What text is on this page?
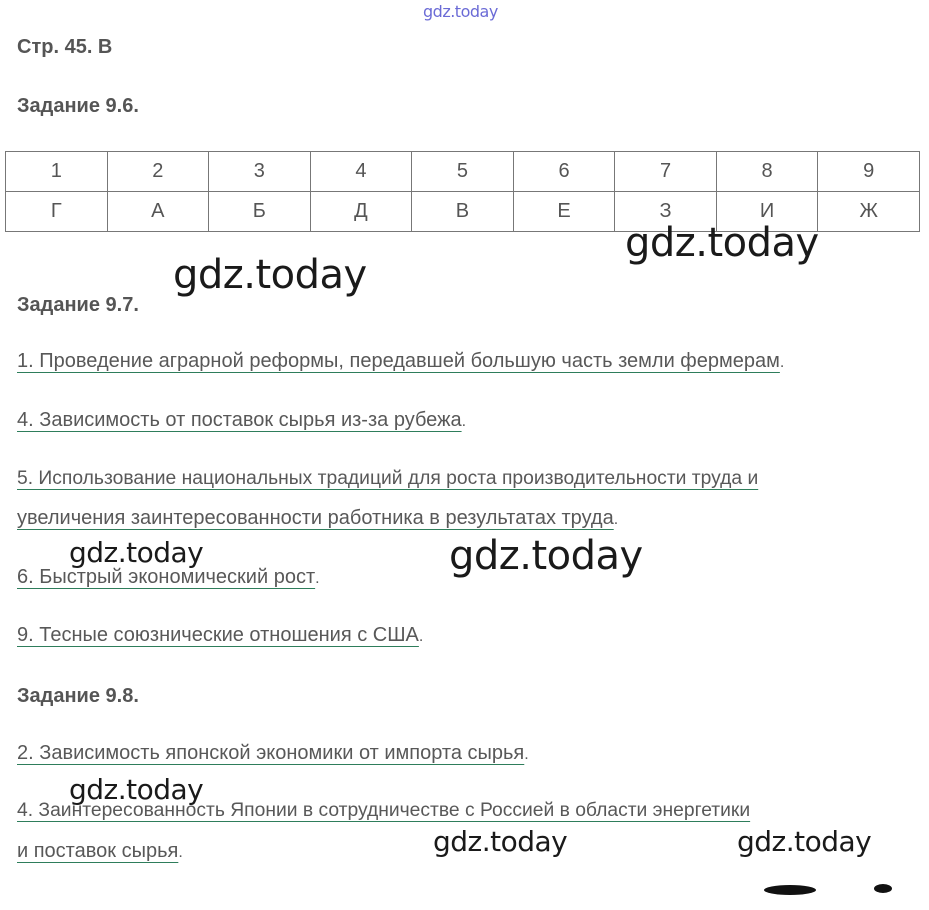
gdz.today
Стр. 45. В
Задание 9.6.
1	2	3	4	5	6	7	8	9
Г	А	Б	Д	В	Е	З	И	Ж
gdz.today
gdz.today
Задание 9.7.
1. Проведение аграрной реформы, передавшей большую часть земли фермерам.
4. Зависимость от поставок сырья из-за рубежа.
5. Использование национальных традиций для роста производительности труда и
увеличения заинтересованности работника в результатах труда.
gdz.today	gdz.today
6. Быстрый экономический рост.
9. Тесные союзнические отношения с США.
Задание 9.8.
2. Зависимость японской экономики от импорта сырья.
gdz.today
4. Заинтересованность Японии в сотрудничестве с Россией в области энергетики
gdz.today	gdz.today
и поставок сырья.
